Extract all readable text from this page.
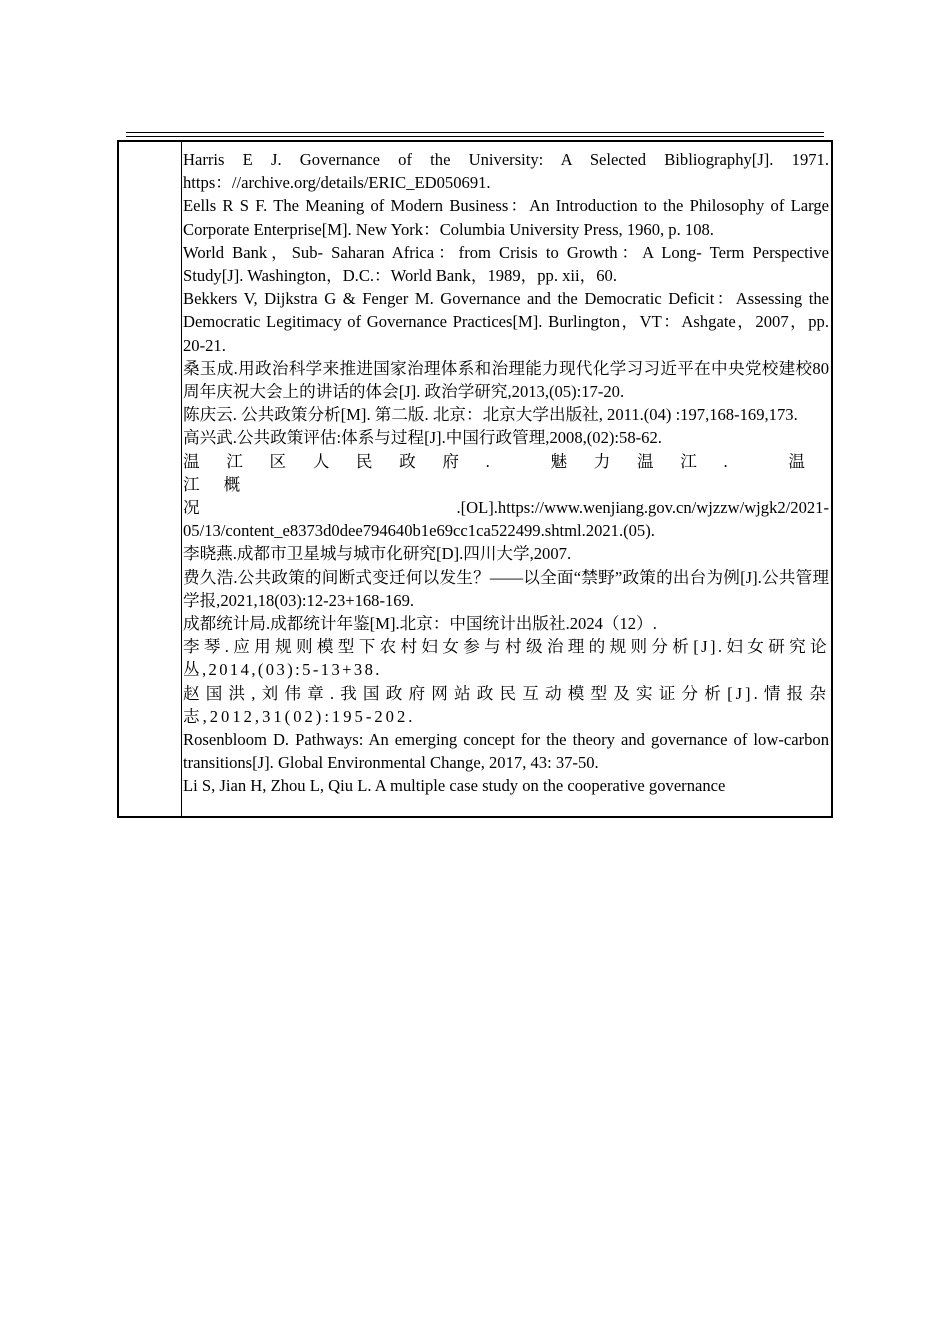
Harris E J. Governance of the University: A Selected Bibliography[J]. 1971. https：//archive.org/details/ERIC_ED050691.

Eells R S F. The Meaning of Modern Business：An Introduction to the Philosophy of Large Corporate Enterprise[M]. New York：Columbia University Press, 1960, p. 108.

World Bank，Sub- Saharan Africa：from Crisis to Growth：A Long- Term Perspective Study[J]. Washington，D.C.：World Bank，1989，pp. xii，60.

Bekkers V, Dijkstra G & Fenger M. Governance and the Democratic Deficit：Assessing the Democratic Legitimacy of Governance Practices[M]. Burlington，VT：Ashgate，2007，pp. 20-21.

桑玉成.用政治科学来推进国家治理体系和治理能力现代化学习习近平在中央党校建校80周年庆祝大会上的讲话的体会[J]. 政治学研究,2013,(05):17-20.

陈庆云. 公共政策分析[M]. 第二版. 北京：北京大学出版社, 2011.(04) :197,168-169,173.

高兴武.公共政策评估:体系与过程[J].中国行政管理,2008,(02):58-62.

温江区人民政府. 魅力温江. 温江概
况.[OL].https://www.wenjiang.gov.cn/wjzzw/wjgk2/2021-05/13/content_e8373d0dee794640b1e69cc1ca522499.shtml.2021.(05).

李晓燕.成都市卫星城与城市化研究[D].四川大学,2007.

费久浩.公共政策的间断式变迁何以发生？——以全面“禁野”政策的出台为例[J].公共管理学报,2021,18(03):12-23+168-169.

成都统计局.成都统计年鉴[M].北京：中国统计出版社.2024（12）.

李琴.应用规则模型下农村妇女参与村级治理的规则分析[J].妇女研究论丛,2014,(03):5-13+38.

赵国洪,刘伟章.我国政府网站政民互动模型及实证分析[J].情报杂志,2012,31(02):195-202.

Rosenbloom D. Pathways: An emerging concept for the theory and governance of low-carbon transitions[J]. Global Environmental Change, 2017, 43: 37-50.

Li S, Jian H, Zhou L, Qiu L. A multiple case study on the cooperative governance
